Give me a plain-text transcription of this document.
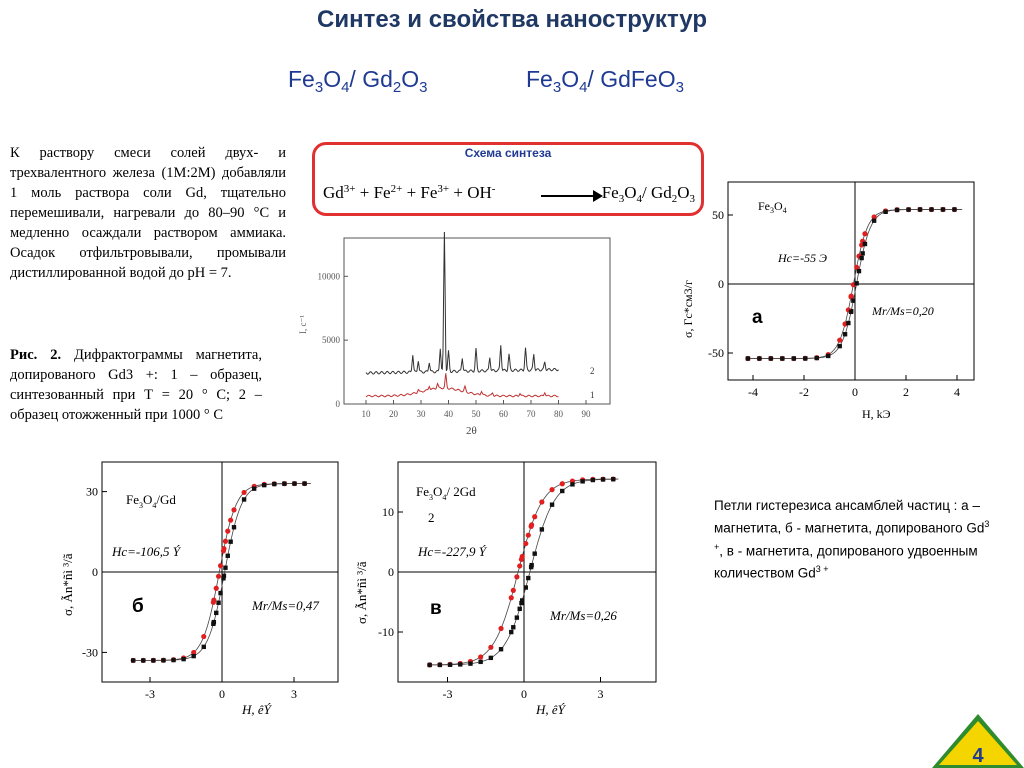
Синтез и свойства наноструктур
$Fe_3O_4/$ $Gd_2O_3$	$Fe_3O_4/$ GdFeO$_3$
К раствору смеси солей двух- и трехвалентного железа (1М:2М) добавляли 1 моль раствора соли Gd, тщательно перемешивали, нагревали до 80–90 °С и медленно осаждали раствором аммиака. Осадок отфильтровывали, промывали дистиллированной водой до pH = 7.
Рис. 2. Дифрактограммы магнетита, допированого Gd3 +: 1 – образец, синтезованный при Т = 20 ° С; 2 – образец отожженный при 1000 ° С
Схема синтеза
$Gd^{3+} + Fe^{2+} + Fe^{3+} + OH^- \to Fe_3O_4/$ $Gd_2O_3$
I, c⁻¹
10000
5000
0
10 20 30 40 50 60 70 80 90
2θ
2
1
50
0
-50
-4	-2	0	2	4
$Fe_3O_4$
Hc=-55 Э
Mr/Ms=0,20
a
σ, Гс*см3/г
H, kЭ
30
0
-30
-3	0	3
$Fe_3O_4/Gd$
Hc=-106,5 Ý
Mr/Ms=0,47
б
σ, Ãn*ñì ³/ã
H, êÝ
10
0
-10
-3	0	3
$Fe_3O_4/$ 2Gd
2
Hc=-227,9 Ý
Mr/Ms=0,26
в
σ, Ãn*ñì ³/ã
H, êÝ
Петли гистерезиса ансамблей частиц : а – магнетита, б - магнетита, допированого $Gd^{3 +}$, в - магнетита, допированого удвоенным количеством $Gd^{3 +}$
4
